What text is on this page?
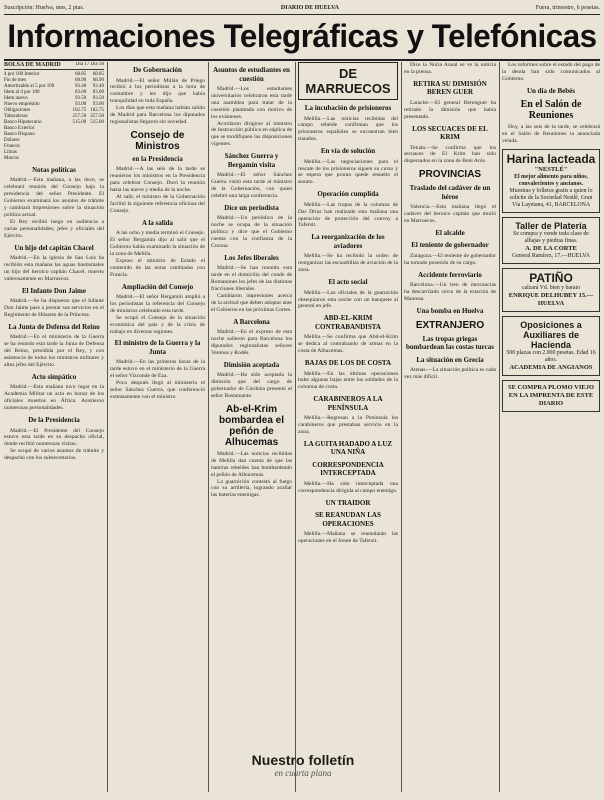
Suscripción: Huelva, mes, 2 ptas.	DIARIO DE HUELVA	Fuera, trimestre, 6 pesetas.
Informaciones Telegráficas y Telefónicas
BOLSA DE MADRID	Dia 17 Dia 18
4 por 100 Interior	68.85	68.85
Fin de mes	68.90	68.90
Amortizable al 5 por 100	93.40	93.40
Idem al 4 por 100	83.00	83.00
Idem nuevo	93.50	93.50
Nuevo empréstito	93.00	93.00
Obligaciones	102.75	102.75
Tabacaleras	257.50	257.50
Banco Hipotecario	515.00	515.00
Banco Exterior		
Banco Hispano		
Dólares		
Francos		
Libras		
Marcos		
Notas políticas

Madrid.—Esta mañana, a las doce, se celebrará reunión del Consejo bajo la presidencia del señor Presidente. El Gobierno examinará los asuntos de trámite y cambiará impresiones sobre la situación política actual.

El Rey recibió luego en audiencia a varias personalidades, jefes y oficiales del Ejército.

Un hijo del capitán Chacel

Madrid.—En la iglesia de San Luis ha recibido esta mañana las aguas bautismales un hijo del heroico capitán Chacel, muerto valerosamente en Marruecos.

El Infante Don Jaime

Madrid.—Se ha dispuesto que el Infante Don Jaime pase a prestar sus servicios en el Regimiento de Húsares de la Princesa.

La Junta de Defensa del Reino

Madrid.—En el ministerio de la Guerra se ha reunido esta tarde la Junta de Defensa del Reino, presidida por el Rey, y con asistencia de todos los ministros militares y altos jefes del Ejército.

Acto simpático

Madrid.—Esta mañana tuvo lugar en la Academia Militar un acto en honor de los oficiales muertos en África. Asistieron numerosas personalidades.

De la Presidencia

Madrid.—El Presidente del Consejo estuvo esta tarde en su despacho oficial, donde recibió numerosas visitas.

Se ocupó de varios asuntos de trámite y despachó con los subsecretarios.

De Gobernación

Madrid.—El señor Millán de Priego recibió a los periodistas a la hora de costumbre y les dijo que había tranquilidad en toda España.

Los días que esta mañana habían salido de Madrid para Barcelona los diputados regionalistas llegaron sin novedad.

Consejo de Ministros
en la Presidencia

Madrid.—A las seis de la tarde se reunieron los ministros en la Presidencia para celebrar Consejo. Duró la reunión hasta las nueve y media de la noche.

Al salir, el ministro de la Gobernación facilitó la siguiente referencia oficiosa del Consejo.

A la salida

A las ocho y media terminó el Consejo. El señor Bergamín dijo al salir que el Gobierno había examinado la situación de la zona de Melilla.

Expuso el ministro de Estado el contenido de las notas cambiadas con Francia.

Ampliación del Consejo

Madrid.—El señor Bergamín amplió a los periodistas la referencia del Consejo de ministros celebrado esta tarde.

Se ocupó el Consejo de la situación económica del país y de la crisis de trabajo en diversas regiones.

El ministro de la Guerra y la Junta

Madrid.—En las primeras horas de la tarde estuvo en el ministerio de la Guerra el señor Vizconde de Eza.

Poco después llegó al ministerio el señor Sánchez Guerra, que conferenció extensamente con el ministro.

Asuntos de estudiantes en cuestión

Madrid.—Los estudiantes universitarios celebraron esta tarde una asamblea para tratar de la cuestión planteada con motivo de los exámenes.

Acordaron dirigirse al ministro de Instrucción pública en súplica de que se modifiquen las disposiciones vigentes.

Sánchez Guerra y Bergamín visita

Madrid.—El señor Sánchez Guerra visitó esta tarde al ministro de la Gobernación, con quien celebró una larga conferencia.

Dice un periodista

Madrid.—Un periódico de la noche se ocupa de la situación política y dice que el Gobierno cuenta con la confianza de la Corona.

Los Jefes liberales

Madrid.—Se han reunido esta tarde en el domicilio del conde de Romanones los jefes de las distintas fracciones liberales.

Cambiaron impresiones acerca de la actitud que deben adoptar ante el Gobierno en las próximas Cortes.

A Barcelona

Madrid.—En el expreso de esta noche salieron para Barcelona los diputados regionalistas señores Ventosa y Rodés.

Dimisión aceptada

Madrid.—Ha sido aceptada la dimisión que del cargo de gobernador de Córdoba presentó el señor Bustamante.

Ab-el-Krim bombardea el peñón de Alhucemas

Madrid.—Las noticias recibidas de Melilla dan cuenta de que las baterías rebeldes han bombardeado el peñón de Alhucemas.

La guarnición contestó al fuego con su artillería, logrando acallar las baterías enemigas.

DE MARRUECOS
La incubación de prisioneros

Melilla.—Las noticias recibidas del campo rebelde confirman que los prisioneros españoles se encuentran bien tratados.

En vía de solución

Melilla.—Las negociaciones para el rescate de los prisioneros siguen su curso y se espera que pronto quede resuelto el asunto.

Operación cumplida

Melilla.—Las tropas de la columna de Dar Drius han realizado esta mañana una operación de protección del convoy a Tafersit.

La reorganización de los aviadores

Melilla.—Se ha recibido la orden de reorganizar las escuadrillas de aviación de la zona.

El acto social

Melilla.—Los oficiales de la guarnición obsequiaron esta noche con un banquete al general en jefe.

ABD-EL-KRIM CONTRABANDISTA

Melilla.—Se confirma que Abd-el-Krim se dedica al contrabando de armas en la costa de Alhucemas.

BAJAS DE LOS DE COSTA

Melilla.—En las últimas operaciones hubo algunas bajas entre los soldados de la columna de costa.

CARABINEROS A LA PENÍNSULA

Melilla.—Regresan a la Península los carabineros que prestaban servicio en la zona.

LA GUITA HADADO A LUZ UNA NIÑA
CORRESPONDENCIA INTERCEPTADA

Melilla.—Ha sido interceptada una correspondencia dirigida al campo enemigo.

UN TRAIDOR
SE REANUDAN LAS OPERACIONES

Melilla.—Mañana se reanudarán las operaciones en el frente de Tafersit.

Dice la Noria Anual se ve la noticia en la prensa.

RETIRA SU DIMISIÓN BEREN GUER

Larache.—El general Berenguer ha retirado la dimisión que había presentado.

LOS SECUACES DE EL KRIM

Tetuán.—Se confirma que los secuaces de El Krim han sido dispersados en la zona de Beni Arós.

PROVINCIAS
Traslado del cadáver de un héroe

Valencia.—Esta mañana llegó el cadáver del heroico capitán que murió en Marruecos.

El alcalde
El teniente de gobernador

Zaragoza.—El teniente de gobernador ha tomado posesión de su cargo.

Accidente ferroviario

Barcelona.—Un tren de mercancías ha descarrilado cerca de la estación de Manresa.

Una bomba en Huelva
EXTRANJERO
Las tropas griegas bombardean las costas turcas
La situación en Grecia

Atenas.—La situación política es cada vez más difícil.

Los informes sobre el estado del pago de la deuda han sido comunicados al Gobierno.

Un día de Bebés
En el Salón de Reuniones

Hoy, a las seis de la tarde, se celebrará en el Salón de Reuniones la anunciada velada.

Harina lacteada
"NESTLÉ"
El mejor alimento para niños, convalecientes y ancianos.
Muestras y folletos gratis a quien lo solicite de la Sociedad Nestlé, Gran Vía Layetana, 41, BARCELONA
Taller de Platería
Se compra y vende toda clase de alhajas y piedras finas.
A. DE LA CORTE
General Ramírez, 17.—HUELVA
PATIÑO
calzará Vd. bien y barato
ENRIQUE DELHUBEY 15.—HUELVA
Oposiciones a Auxiliares de Hacienda
500 plazas con 2.000 pesetas. Edad 16 años.
ACADEMIA DE ANGIANOS
SE COMPRA PLOMO VIEJO EN LA IMPRENTA DE ESTE DIARIO
Nuestro folletín
en cuarta plana
